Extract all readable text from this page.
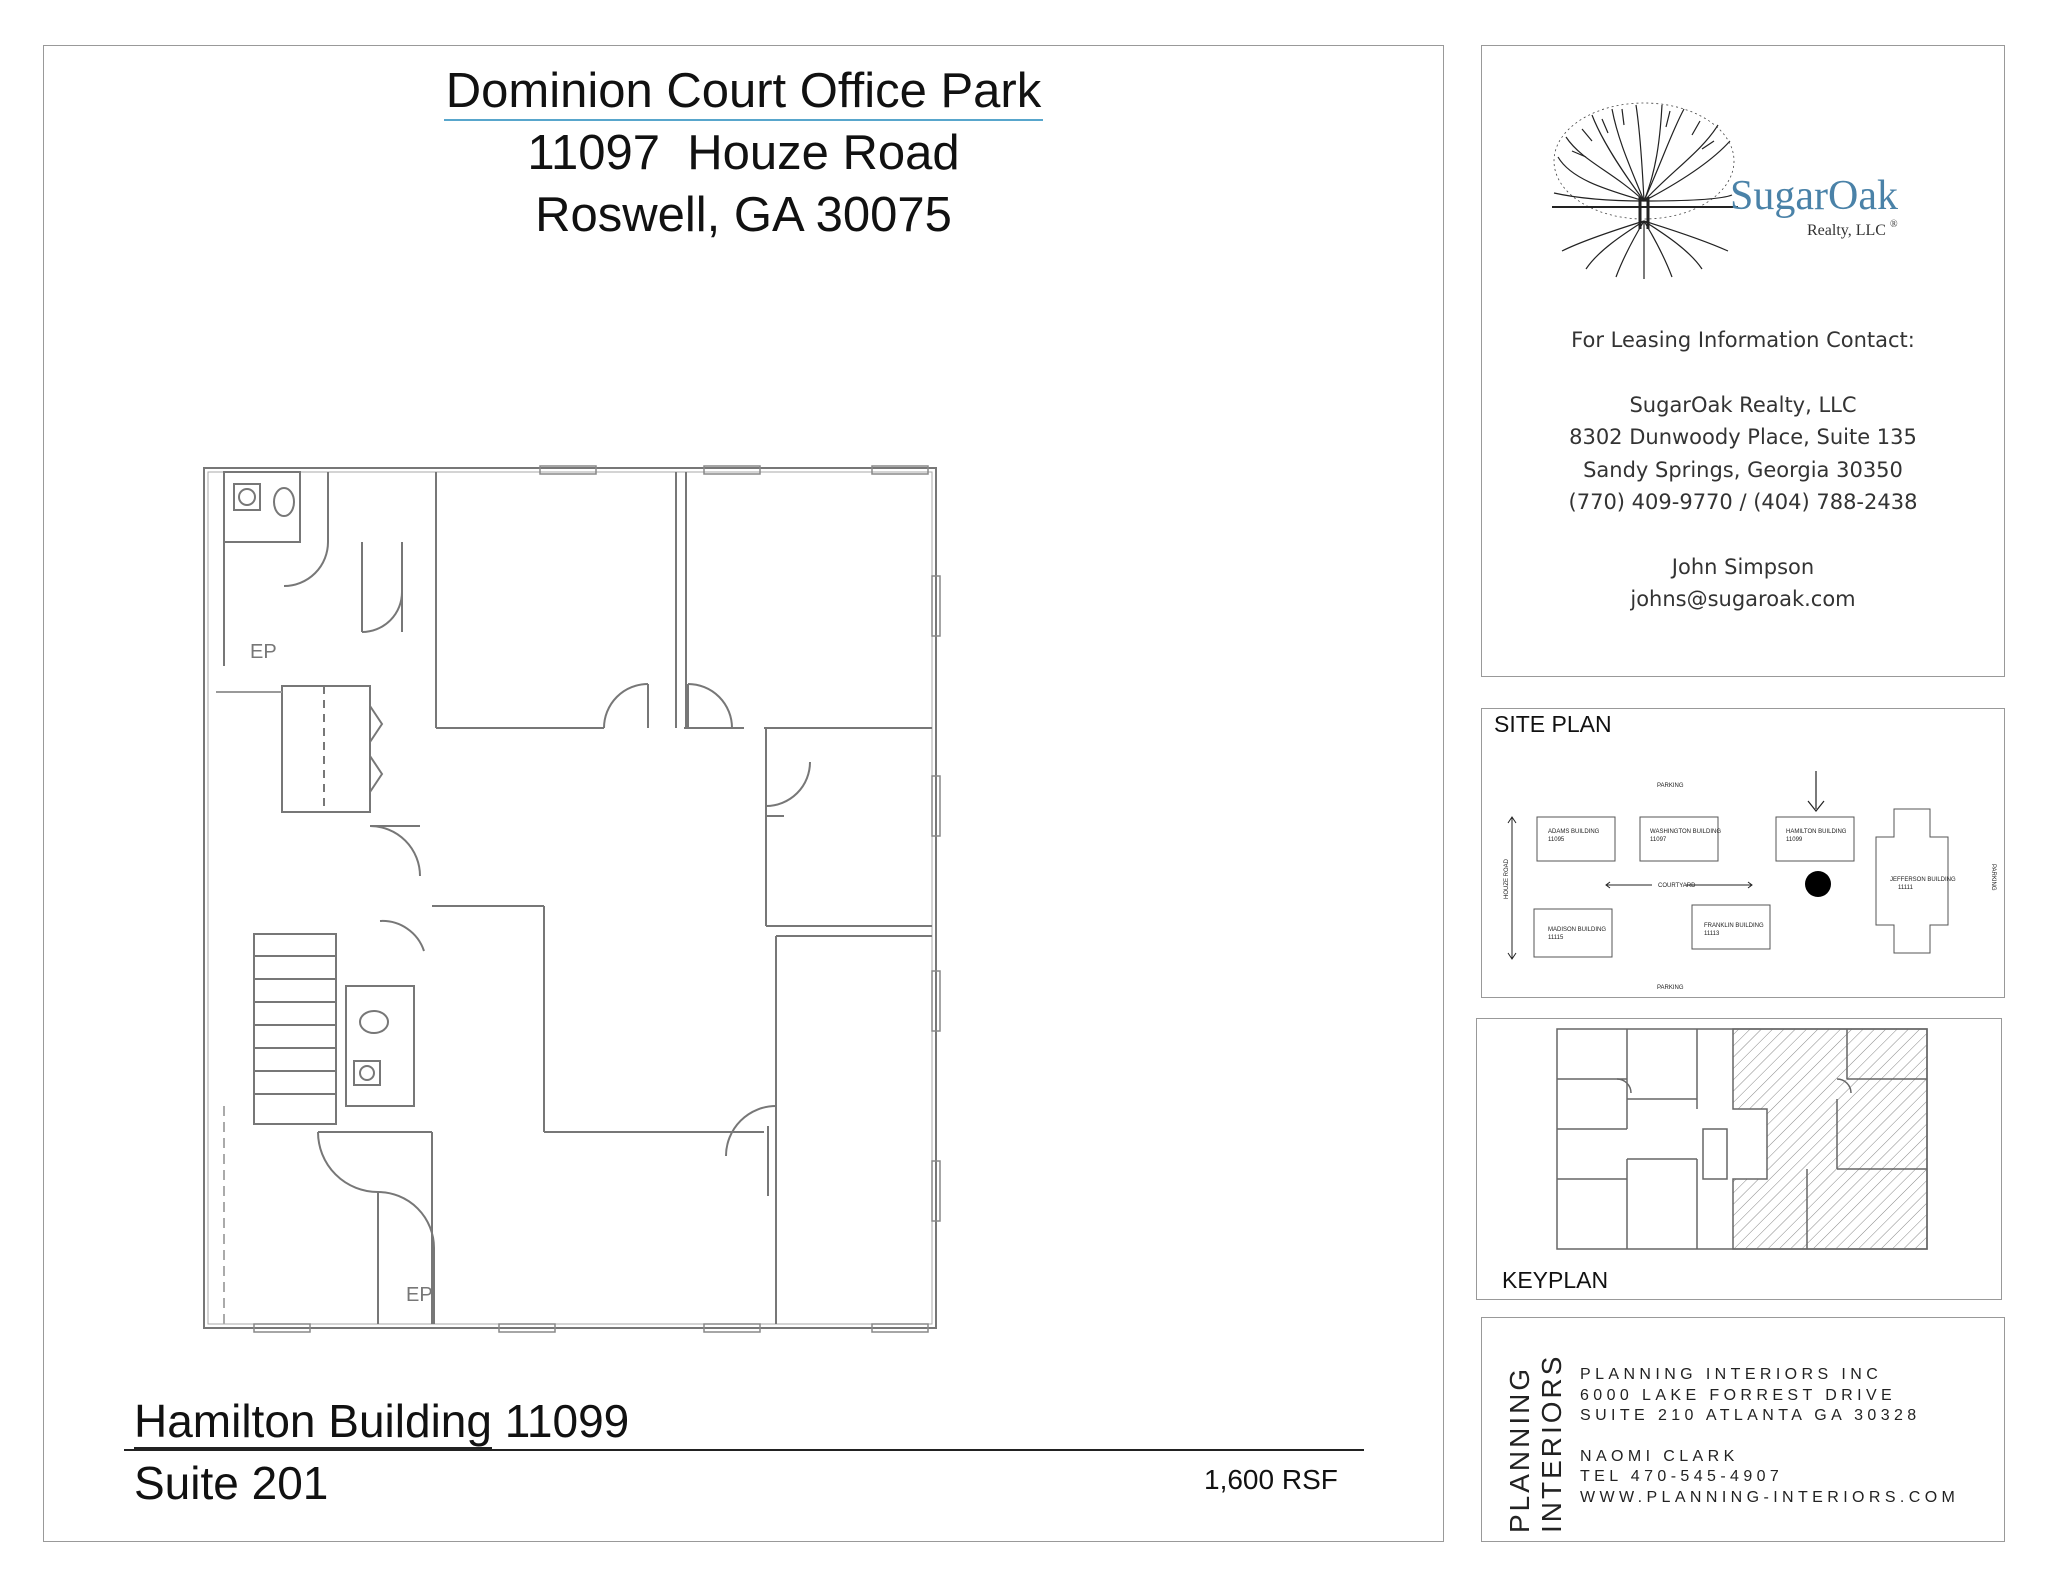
Dominion Court Office Park
11097  Houze Road
Roswell, GA 30075
EP
EP
Hamilton Building 11099
Suite 201	1,600 RSF
SugarOak
Realty, LLC ®
For Leasing Information Contact:
SugarOak Realty, LLC
8302 Dunwoody Place, Suite 135
Sandy Springs, Georgia 30350
(770) 409-9770 / (404) 788-2438
John Simpson
johns@sugaroak.com
SITE PLAN
PARKING
PARKING
PARKING
HOUZE ROAD
ADAMS BUILDING
11095
WASHINGTON BUILDING
11097
HAMILTON BUILDING
11099
JEFFERSON BUILDING
11111
MADISON BUILDING
11115
FRANKLIN BUILDING
11113
COURTYARD
KEYPLAN
PLANNING INTERIORS PLANNING INTERIORS INC
6000 LAKE FORREST DRIVE
SUITE 210 ATLANTA GA 30328
NAOMI CLARK
TEL 470-545-4907
WWW.PLANNING-INTERIORS.COM
